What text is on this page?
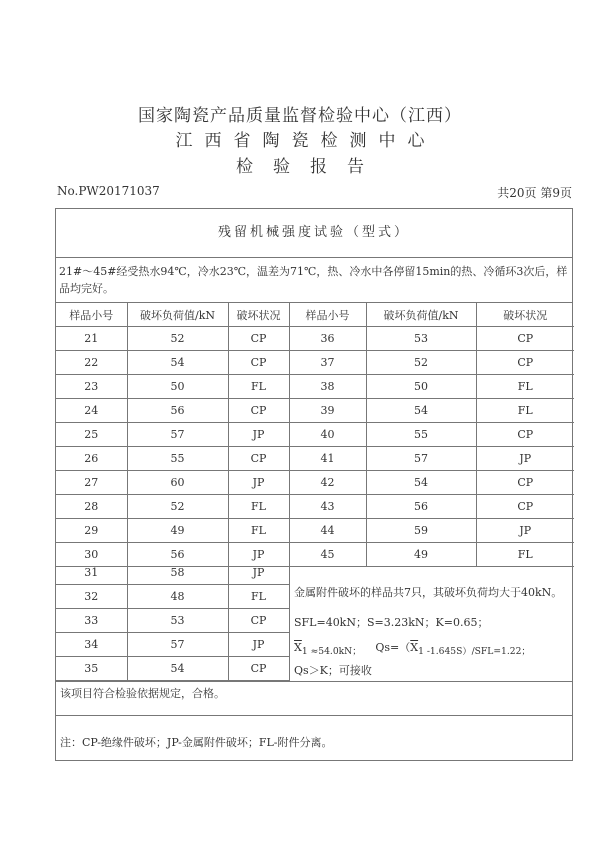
国家陶瓷产品质量监督检验中心（江西）
江西省陶瓷检测中心
检验报告
No.PW20171037	共20页 第9页
残留机械强度试验（型式）
21#～45#经受热水94℃，冷水23℃，温差为71℃，热、冷水中各停留15min的热、冷循环3次后，样品均完好。
样品小号	破坏负荷值/kN	破坏状况	样品小号	破坏负荷值/kN	破坏状况
21	52	CP	36	53	CP
22	54	CP	37	52	CP
23	50	FL	38	50	FL
24	56	CP	39	54	FL
25	57	JP	40	55	CP
26	55	CP	41	57	JP
27	60	JP	42	54	CP
28	52	FL	43	56	CP
29	49	FL	44	59	JP
30	56	JP	45	49	FL
31	58	JP
32	48	FL
33	53	CP
34	57	JP
35	54	CP
金属附件破坏的样品共7只，其破坏负荷均大于40kN。
SFL=40kN；S=3.23kN；K=0.65；
$\overline{X}_{1 \approx 54.0kN;}$ $Qs=(\overline{X}_{1 -1.645S)/SFL=1.22;}$
Qs＞K；可接收
该项目符合检验依据规定，合格。
注：CP-绝缘件破坏；JP-金属附件破坏；FL-附件分离。
